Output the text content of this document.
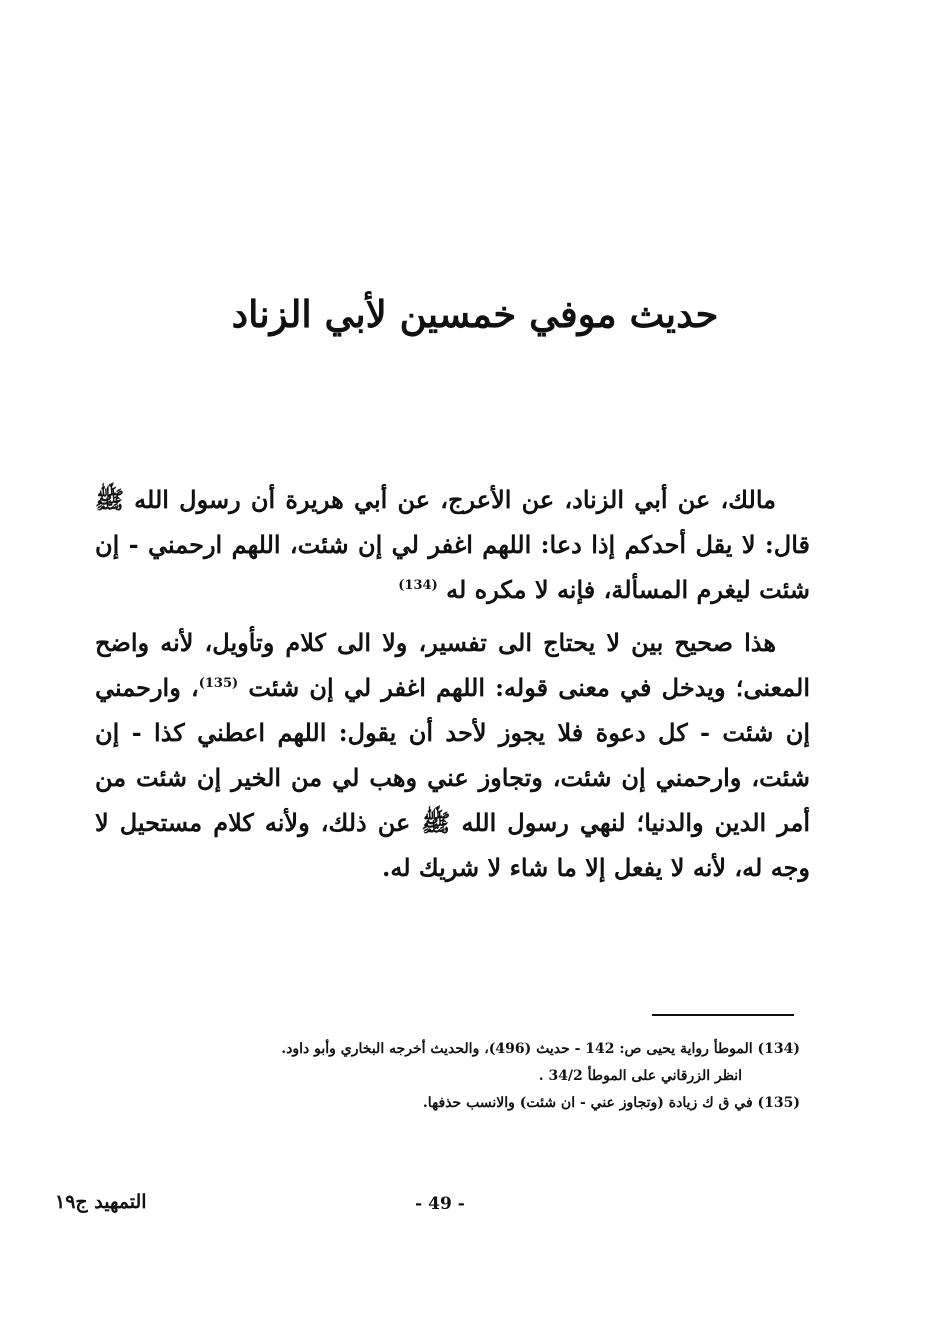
حديث موفي خمسين لأبي الزناد

مالك، عن أبي الزناد، عن الأعرج، عن أبي هريرة أن رسول الله ﷺ قال: لا يقل أحدكم إذا دعا: اللهم اغفر لي إن شئت، اللهم ارحمني - إن شئت ليغرم المسألة، فإنه لا مكره له $^{(134)}$

هذا صحيح بين لا يحتاج الى تفسير، ولا الى كلام وتأويل، لأنه واضح المعنى؛ ويدخل في معنى قوله: اللهم اغفر لي إن شئت $^{(135)}$، وارحمني إن شئت - كل دعوة فلا يجوز لأحد أن يقول: اللهم اعطني كذا - إن شئت، وارحمني إن شئت، وتجاوز عني وهب لي من الخير إن شئت من أمر الدين والدنيا؛ لنهي رسول الله ﷺ عن ذلك، ولأنه كلام مستحيل لا وجه له، لأنه لا يفعل إلا ما شاء لا شريك له.

(134) الموطأ رواية يحيى ص: 142 - حديث (496)، والحديث أخرجه البخاري وأبو داود.

انظر الزرقاني على الموطأ 34/2 .

(135) في ق ك زيادة (وتجاوز عني - ان شئت) والانسب حذفها.

- 49 -
التمهيد ج١٩
